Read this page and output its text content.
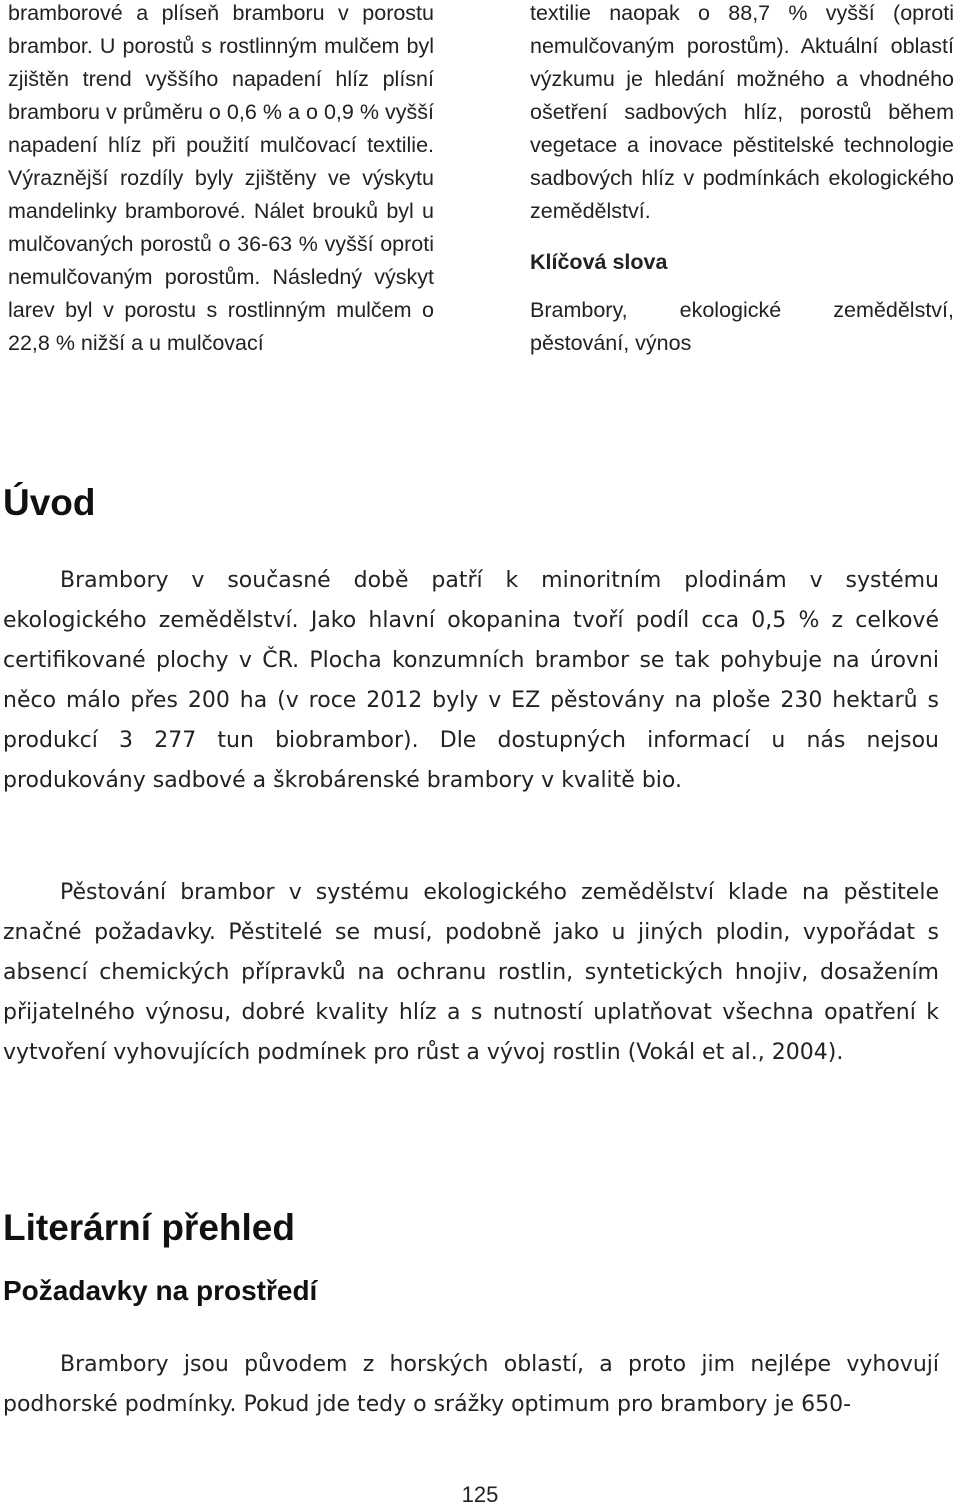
bramborové a plíseň bramboru v porostu brambor. U porostů s rostlinným mulčem byl zjištěn trend vyššího napadení hlíz plísní bramboru v průměru o 0,6 % a o 0,9 % vyšší napadení hlíz při použití mulčovací textilie. Výraznější rozdíly byly zjištěny ve výskytu mandelinky bramborové. Nálet brouků byl u mulčovaných porostů o 36-63 % vyšší oproti nemulčovaným porostům. Následný výskyt larev byl v porostu s rostlinným mulčem o 22,8 % nižší a u mulčovací
textilie naopak o 88,7 % vyšší (oproti nemulčovaným porostům). Aktuální oblastí výzkumu je hledání možného a vhodného ošetření sadbových hlíz, porostů během vegetace a inovace pěstitelské technologie sadbových hlíz v podmínkách ekologického zemědělství.
Klíčová slova
Brambory, ekologické zemědělství, pěstování, výnos
Úvod

Brambory v současné době patří k minoritním plodinám v systému ekologického zemědělství. Jako hlavní okopanina tvoří podíl cca 0,5 % z celkové certifikované plochy v ČR. Plocha konzumních brambor se tak pohybuje na úrovni něco málo přes 200 ha (v roce 2012 byly v EZ pěstovány na ploše 230 hektarů s produkcí 3 277 tun biobrambor). Dle dostupných informací u nás nejsou produkovány sadbové a škrobárenské brambory v kvalitě bio.

Pěstování brambor v systému ekologického zemědělství klade na pěstitele značné požadavky. Pěstitelé se musí, podobně jako u jiných plodin, vypořádat s absencí chemických přípravků na ochranu rostlin, syntetických hnojiv, dosažením přijatelného výnosu, dobré kvality hlíz a s nutností uplatňovat všechna opatření k vytvoření vyhovujících podmínek pro růst a vývoj rostlin (Vokál et al., 2004).

Literární přehled
Požadavky na prostředí

Brambory jsou původem z horských oblastí, a proto jim nejlépe vyhovují podhorské podmínky. Pokud jde tedy o srážky optimum pro brambory je 650-

125
